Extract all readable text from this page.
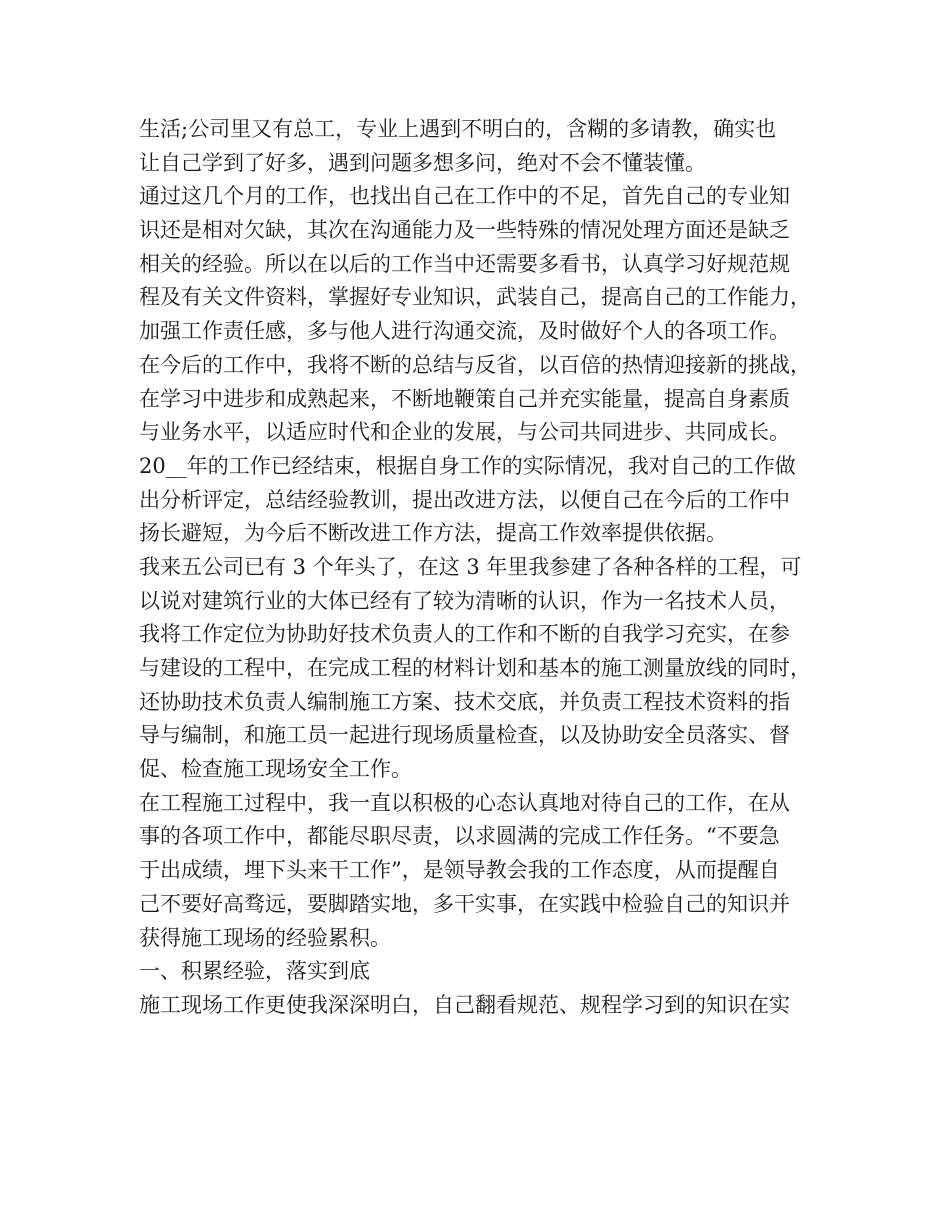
生活;公司里又有总工，专业上遇到不明白的，含糊的多请教，确实也
让自己学到了好多，遇到问题多想多问，绝对不会不懂装懂。
通过这几个月的工作，也找出自己在工作中的不足，首先自己的专业知
识还是相对欠缺，其次在沟通能力及一些特殊的情况处理方面还是缺乏
相关的经验。所以在以后的工作当中还需要多看书，认真学习好规范规
程及有关文件资料，掌握好专业知识，武装自己，提高自己的工作能力，
加强工作责任感，多与他人进行沟通交流，及时做好个人的各项工作。
在今后的工作中，我将不断的总结与反省，以百倍的热情迎接新的挑战，
在学习中进步和成熟起来，不断地鞭策自己并充实能量，提高自身素质
与业务水平，以适应时代和企业的发展，与公司共同进步、共同成长。
20__年的工作已经结束，根据自身工作的实际情况，我对自己的工作做
出分析评定，总结经验教训，提出改进方法，以便自己在今后的工作中
扬长避短，为今后不断改进工作方法，提高工作效率提供依据。
我来五公司已有 3 个年头了，在这 3 年里我参建了各种各样的工程，可
以说对建筑行业的大体已经有了较为清晰的认识，作为一名技术人员，
我将工作定位为协助好技术负责人的工作和不断的自我学习充实，在参
与建设的工程中，在完成工程的材料计划和基本的施工测量放线的同时，
还协助技术负责人编制施工方案、技术交底，并负责工程技术资料的指
导与编制，和施工员一起进行现场质量检查，以及协助安全员落实、督
促、检查施工现场安全工作。
在工程施工过程中，我一直以积极的心态认真地对待自己的工作，在从
事的各项工作中，都能尽职尽责，以求圆满的完成工作任务。“不要急
于出成绩，埋下头来干工作”，是领导教会我的工作态度，从而提醒自
己不要好高骛远，要脚踏实地，多干实事，在实践中检验自己的知识并
获得施工现场的经验累积。
一、积累经验，落实到底
施工现场工作更使我深深明白，自己翻看规范、规程学习到的知识在实
